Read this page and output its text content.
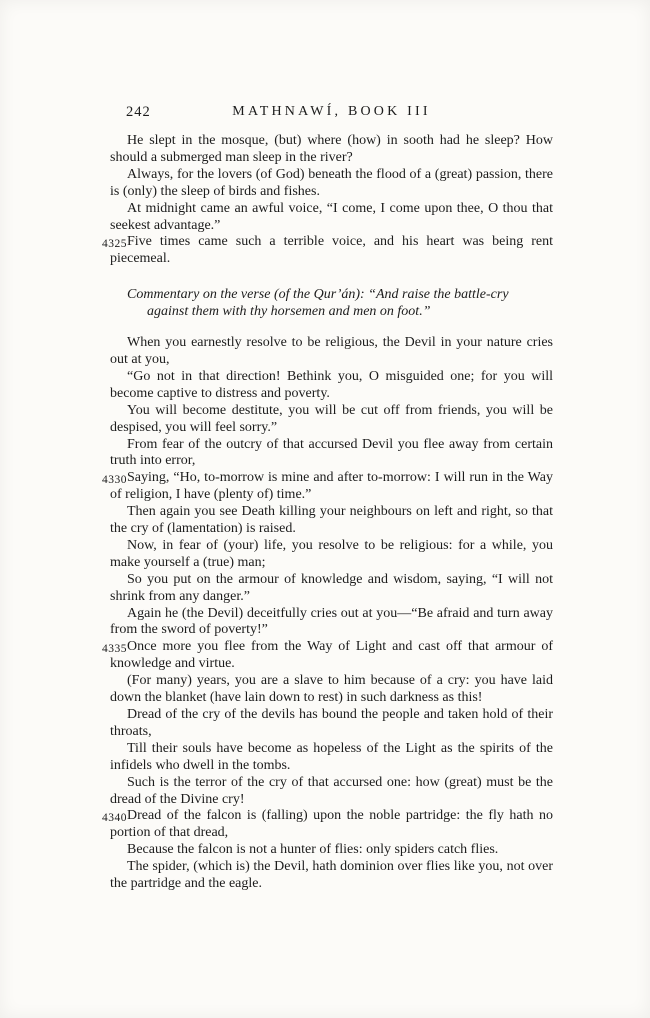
242	MATHNAWÍ, BOOK III

He slept in the mosque, (but) where (how) in sooth had he sleep? How should a submerged man sleep in the river?

Always, for the lovers (of God) beneath the flood of a (great) passion, there is (only) the sleep of birds and fishes.

At midnight came an awful voice, “I come, I come upon thee, O thou that seekest advantage.”

4325 Five times came such a terrible voice, and his heart was being rent piecemeal.

Commentary on the verse (of the Qur’án): “And raise the battle-cry against them with thy horsemen and men on foot.”

When you earnestly resolve to be religious, the Devil in your nature cries out at you,

“Go not in that direction! Bethink you, O misguided one; for you will become captive to distress and poverty.

You will become destitute, you will be cut off from friends, you will be despised, you will feel sorry.”

From fear of the outcry of that accursed Devil you flee away from certain truth into error,

4330 Saying, “Ho, to-morrow is mine and after to-morrow: I will run in the Way of religion, I have (plenty of) time.”

Then again you see Death killing your neighbours on left and right, so that the cry of (lamentation) is raised.

Now, in fear of (your) life, you resolve to be religious: for a while, you make yourself a (true) man;

So you put on the armour of knowledge and wisdom, saying, “I will not shrink from any danger.”

Again he (the Devil) deceitfully cries out at you—“Be afraid and turn away from the sword of poverty!”

4335 Once more you flee from the Way of Light and cast off that armour of knowledge and virtue.

(For many) years, you are a slave to him because of a cry: you have laid down the blanket (have lain down to rest) in such darkness as this!

Dread of the cry of the devils has bound the people and taken hold of their throats,

Till their souls have become as hopeless of the Light as the spirits of the infidels who dwell in the tombs.

Such is the terror of the cry of that accursed one: how (great) must be the dread of the Divine cry!

4340 Dread of the falcon is (falling) upon the noble partridge: the fly hath no portion of that dread,

Because the falcon is not a hunter of flies: only spiders catch flies.

The spider, (which is) the Devil, hath dominion over flies like you, not over the partridge and the eagle.
